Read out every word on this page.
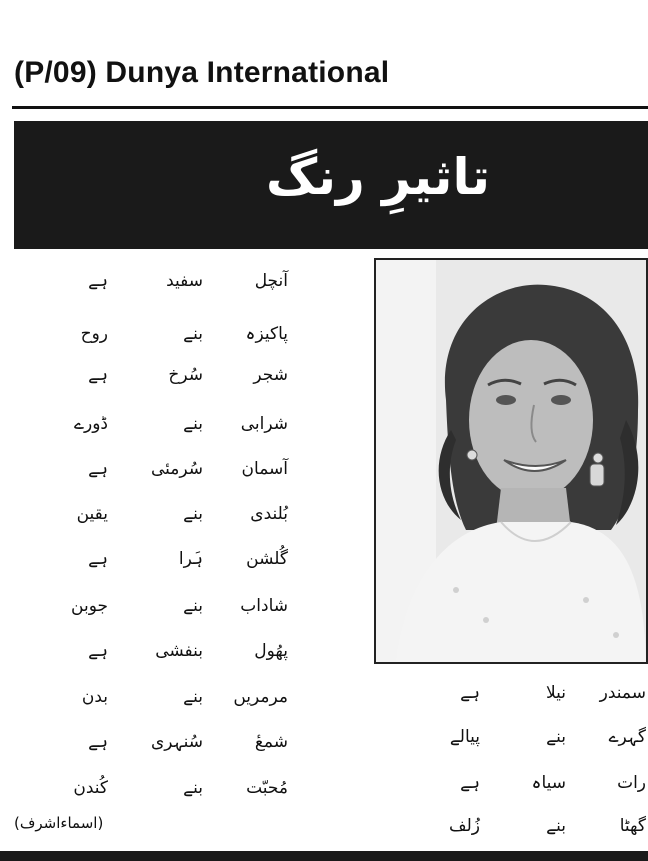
(P/09) Dunya International
تاثیرِ رنگ
آنچل
سفید
ہے
پاکیزہ
بنے
روح
شجر
سُرخ
ہے
شرابی
بنے
ڈورے
آسمان
سُرمئی
ہے
بُلندی
بنے
یقین
گُلشن
ہَرا
ہے
شاداب
بنے
جوبن
پھُول
بنفشی
ہے
مرمریں
بنے
بدن
شمعٔ
سُنہری
ہے
مُحبّت
بنے
کُندن
سمندر
نیلا
ہے
گہرے
بنے
پیالے
رات
سیاہ
ہے
گھٹا
بنے
زُلف
(اسماءاشرف)
